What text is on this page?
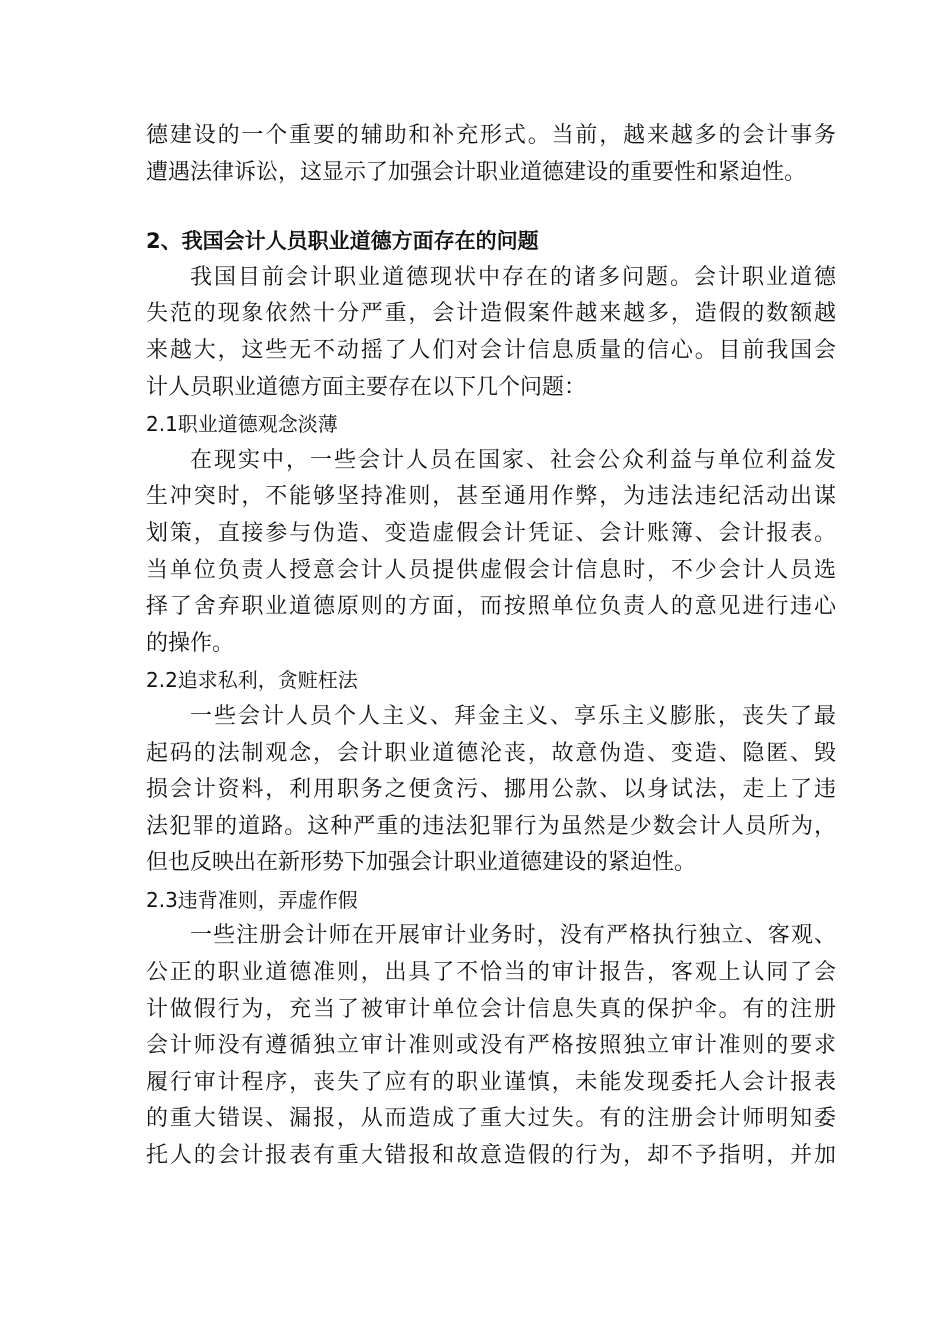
德建设的一个重要的辅助和补充形式。当前，越来越多的会计事务
遭遇法律诉讼，这显示了加强会计职业道德建设的重要性和紧迫性。
2、我国会计人员职业道德方面存在的问题
我国目前会计职业道德现状中存在的诸多问题。会计职业道德
失范的现象依然十分严重，会计造假案件越来越多，造假的数额越
来越大，这些无不动摇了人们对会计信息质量的信心。目前我国会
计人员职业道德方面主要存在以下几个问题：
2.1职业道德观念淡薄
在现实中，一些会计人员在国家、社会公众利益与单位利益发
生冲突时，不能够坚持准则，甚至通用作弊，为违法违纪活动出谋
划策，直接参与伪造、变造虚假会计凭证、会计账簿、会计报表。
当单位负责人授意会计人员提供虚假会计信息时，不少会计人员选
择了舍弃职业道德原则的方面，而按照单位负责人的意见进行违心
的操作。
2.2追求私利，贪赃枉法
一些会计人员个人主义、拜金主义、享乐主义膨胀，丧失了最
起码的法制观念，会计职业道德沦丧，故意伪造、变造、隐匿、毁
损会计资料，利用职务之便贪污、挪用公款、以身试法，走上了违
法犯罪的道路。这种严重的违法犯罪行为虽然是少数会计人员所为，
但也反映出在新形势下加强会计职业道德建设的紧迫性。
2.3违背准则，弄虚作假
一些注册会计师在开展审计业务时，没有严格执行独立、客观、
公正的职业道德准则，出具了不恰当的审计报告，客观上认同了会
计做假行为，充当了被审计单位会计信息失真的保护伞。有的注册
会计师没有遵循独立审计准则或没有严格按照独立审计准则的要求
履行审计程序，丧失了应有的职业谨慎，未能发现委托人会计报表
的重大错误、漏报，从而造成了重大过失。有的注册会计师明知委
托人的会计报表有重大错报和故意造假的行为，却不予指明，并加
